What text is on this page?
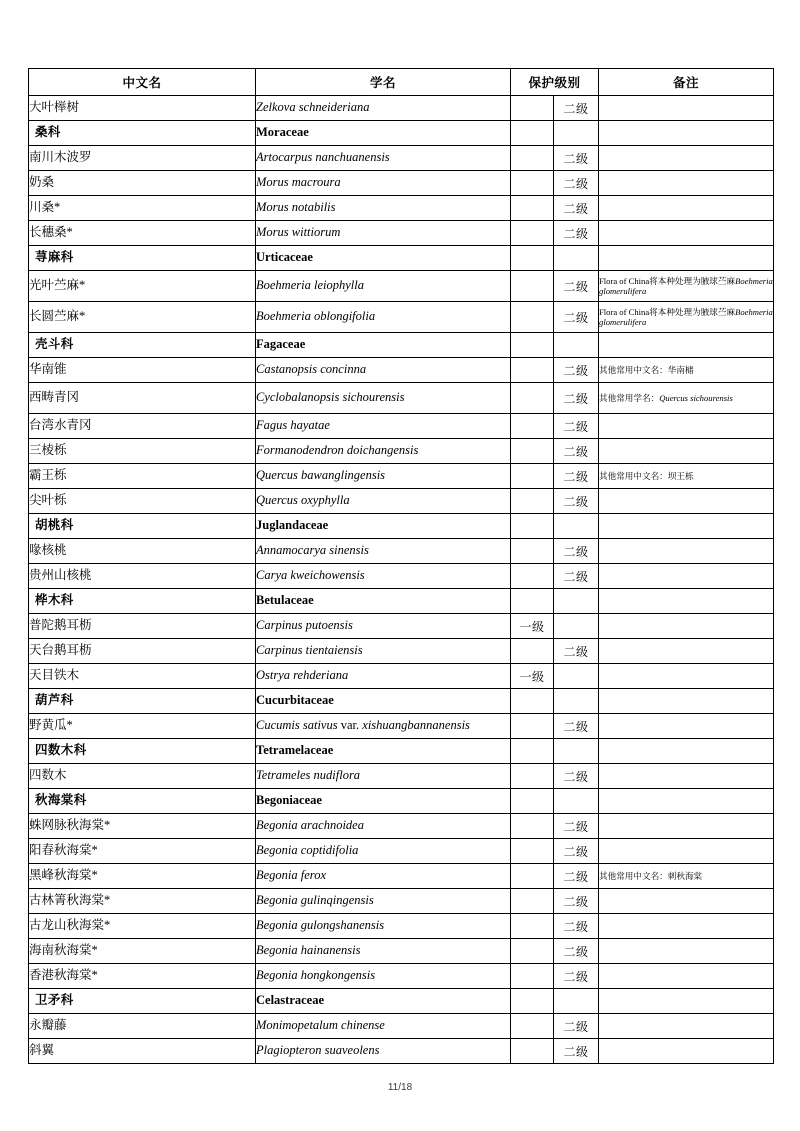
中文名	学名	保护级别		备注
大叶榉树	Zelkova schneideriana		二级	
桑科	Moraceae			
南川木波罗	Artocarpus nanchuanensis		二级	
奶桑	Morus macroura		二级	
川桑*	Morus notabilis		二级	
长穗桑*	Morus wittiorum		二级	
荨麻科	Urticaceae			
光叶苎麻*	Boehmeria leiophylla		二级	Flora of China将本种处理为腋球苎麻Boehmeria glomerulifera
长圆苎麻*	Boehmeria oblongifolia		二级	Flora of China将本种处理为腋球苎麻Boehmeria glomerulifera
壳斗科	Fagaceae			
华南锥	Castanopsis concinna		二级	其他常用中文名：华南槠
西畴青冈	Cyclobalanopsis sichourensis		二级	其他常用学名：Quercus sichourensis
台湾水青冈	Fagus hayatae		二级	
三棱栎	Formanodendron doichangensis		二级	
霸王栎	Quercus bawanglingensis		二级	其他常用中文名：坝王栎
尖叶栎	Quercus oxyphylla		二级	
胡桃科	Juglandaceae			
喙核桃	Annamocarya sinensis		二级	
贵州山核桃	Carya kweichowensis		二级	
桦木科	Betulaceae			
普陀鹅耳枥	Carpinus putoensis	一级		
天台鹅耳枥	Carpinus tientaiensis		二级	
天目铁木	Ostrya rehderiana	一级		
葫芦科	Cucurbitaceae			
野黄瓜*	Cucumis sativus var. xishuangbannanensis		二级	
四数木科	Tetramelaceae			
四数木	Tetrameles nudiflora		二级	
秋海棠科	Begoniaceae			
蛛网脉秋海棠*	Begonia arachnoidea		二级	
阳春秋海棠*	Begonia coptidifolia		二级	
黑峰秋海棠*	Begonia ferox		二级	其他常用中文名：刺秋海棠
古林箐秋海棠*	Begonia gulinqingensis		二级	
古龙山秋海棠*	Begonia gulongshanensis		二级	
海南秋海棠*	Begonia hainanensis		二级	
香港秋海棠*	Begonia hongkongensis		二级	
卫矛科	Celastraceae			
永瓣藤	Monimopetalum chinense		二级	
斜翼	Plagiopteron suaveolens		二级	
11/18
